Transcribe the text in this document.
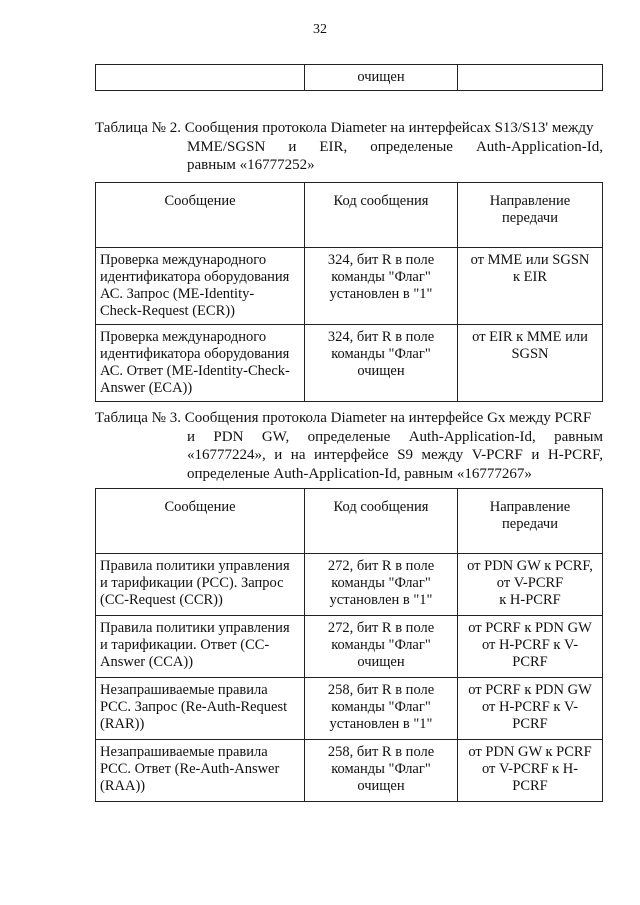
32
	очищен	
Таблица № 2. Сообщения протокола Diameter на интерфейсах S13/S13' между
MME/SGSN и EIR, определеные Auth-Application-Id,
равным «16777252»
Сообщение	Код сообщения	Направление
передачи

Проверка международного
идентификатора оборудования
АС. Запрос (ME-Identity-
Check-Request (ECR))	324, бит R в поле
команды "Флаг"
установлен в "1"	от MME или SGSN
к EIR

Проверка международного
идентификатора оборудования
АС. Ответ (ME-Identity-Check-
Answer (ECA))	324, бит R в поле
команды "Флаг"
очищен	от EIR к MME или
SGSN
Таблица № 3. Сообщения протокола Diameter на интерфейсе Gx между PCRF
и PDN GW, определеные Auth-Application-Id, равным
«16777224», и на интерфейсе S9 между V-PCRF и H-PCRF,
определеные Auth-Application-Id, равным «16777267»
Сообщение	Код сообщения	Направление
передачи

Правила политики управления
и тарификации (PCC). Запрос
(CC-Request (CCR))	272, бит R в поле
команды "Флаг"
установлен в "1"	от PDN GW к PCRF,
от V-PCRF
к H-PCRF

Правила политики управления
и тарификации. Ответ (CC-
Answer (CCA))	272, бит R в поле
команды "Флаг"
очищен	от PCRF к PDN GW
от H-PCRF к V-
PCRF

Незапрашиваемые правила
PCC. Запрос (Re-Auth-Request
(RAR))	258, бит R в поле
команды "Флаг"
установлен в "1"	от PCRF к PDN GW
от H-PCRF к V-
PCRF

Незапрашиваемые правила
PCC. Ответ (Re-Auth-Answer
(RAA))	258, бит R в поле
команды "Флаг"
очищен	от PDN GW к PCRF
от V-PCRF к H-
PCRF
